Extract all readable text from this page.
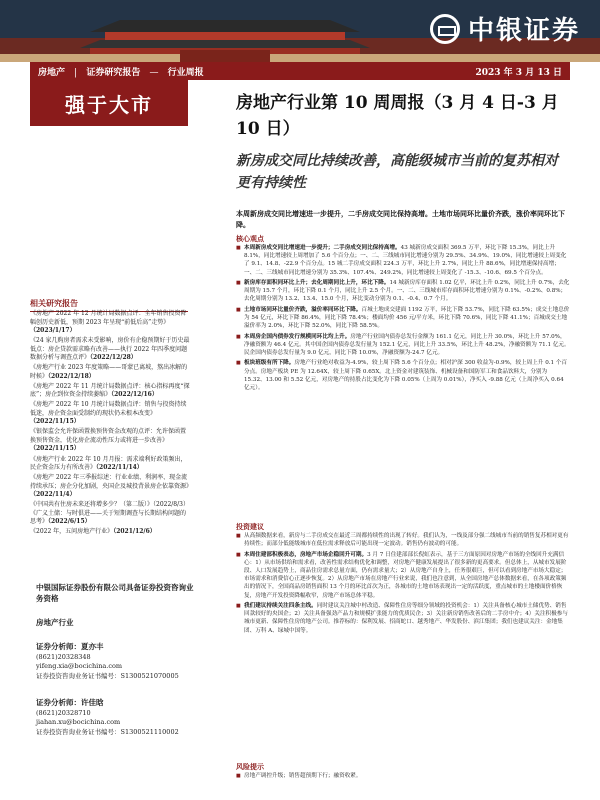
中银证券
房地产 | 证券研究报告 — 行业周报	2023 年 3 月 13 日
强于大市	房地产行业第 10 周周报（3 月 4 日-3 月 10 日）
新房成交同比持续改善，高能级城市当前的复苏相对更有持续性
本周新房成交同比增速进一步提升，二手房成交同比保持高增。土地市场同环比量价齐跌，涨价率同环比下降。
相关研究报告
《房地产 2022 年 12 月统计局数据点评：全年销售投资降幅创历史新低，预期 2023 年呈现“前低后高”走势》（2023/1/17）
《24 家几购房者需求未受影响，房价有企稳预期好于历史最低点：房企贷款需求略有改善——执行 2022 年四季度问题数据分析与调查点评》（2022/12/28）
《房地产行业 2023 年度策略——哥蒙已离坡，熬出冰解的时候》（2022/12/18）
《房地产 2022 年 11 月统计局数据点评：核心指标再度“探底”；房企到位资金持续萎缩》（2022/12/16）
《房地产 2022 年 10 月统计局数据点评：销售与投资持续低迷，房企资金面受制约的现状仍未根本改变》（2022/11/15）
《银保监会允许保函置换预售资金改观的点评：允许保函置换预售资金，优化房企流动性压力或将进一步改善》（2022/11/15）
《房地产行业 2022 年 10 月月报：需求端利好政策频出，民企资金压力有所改善》（2022/11/14）
《房地产 2022 年三季报综述：行业业绩、利润率、现金流持续承压；房企分化加剧，央国企及城投背景房企依靠资源》（2022/11/4）
《中国共有住房未来还将增多少？（第二版）》（2022/8/3）《广义土储：与时俱进——关于短期调查与长期结构问题的思考》（2022/6/15）
《2022 年，五问房地产行业》（2021/12/6）
中银国际证券股份有限公司具备证券投资咨询业务资格
房地产行业
证券分析师：夏亦丰
(8621)20328348
yifeng.xia@bocichina.com
证券投资咨询业务证书编号：S1300521070005
证券分析师：许佳晗
(8621)20328710
jiahan.xu@bocichina.com
证券投资咨询业务证书编号：S1300521110002
核心观点
■ 本周新房成交同比增速进一步提升；二手房成交同比保持高增。43 城新房成交面积 369.5 万平，环比下降 15.3%，同比上升 8.1%，同比增速较上周增加了 5.6 个百分点；一、二、三线城市同比增速分别为 29.5%、34.9%、19.0%，同比增速较上周变化了 9.1、14.8、-22.9 个百分点。15 城二手房成交面积 224.3 万平，环比上升 2.7%，同比上升 88.6%，同比增速保持高增；一、二、三线城市同比增速分别为 35.3%、107.4%、249.2%，同比增速较上周变化了 -15.3、-10.6、69.5 个百分点。
■ 新房库存面积同环比上升；去化周期同比上升，环比下降。14 城新房库存面积 1.02 亿平，环比上升 0.2%，同比上升 0.7%，去化周期为 15.7 个月，环比下降 0.1 个月，同比上升 2.5 个月。一、二、三线城市库存面积环比增速分别为 0.1%、-0.2%、0.8%；去化周期分别为 13.2、13.4、15.0 个月，环比变动分别为 0.1、-0.4、0.7 个月。
■ 土地市场同环比量价齐跌，溢价率同环比下降。百城土地成交建面 1192 万平，环比下降 53.7%，同比下降 63.5%；成交土地总价为 54 亿元，环比下降 86.4%，同比下降 78.4%；楼面均价 456 元/平方米，环比下降 70.6%，同比下降 41.1%；百城成交土地溢价率为 2.0%，环比下降 52.0%，同比下降 58.5%。
■ 本周房企国内债券发行规模同环比均上升。房地产行业国内债券总发行金额为 161.1 亿元，同比上升 30.0%，环比上升 57.0%，净融资额为 46.4 亿元。其中国企国内债券总发行量为 152.1 亿元，同比上升 33.5%，环比上升 48.2%，净融资额为 71.1 亿元。民企国内债券总发行量为 9.0 亿元，同比下降 10.0%，净融资额为-24.7 亿元。
■ 板块班级有所下降。房地产行业绝对收益为-4.9%，较上周下降 5.6 个百分点；相对沪深 300 收益为-0.9%，较上周上升 0.1 个百分点。房地产板块 PE 为 12.64X，较上周下降 0.65X。北上资金对建筑装饰、机械设备和国防军工和食品饮料大，分别为 15.32、13.00 和 5.52 亿元，对房地产的持股占比变化为下降 0.05%（上周为 0.01%），净买入 -9.88 亿元（上周净买入 0.64 亿元）。
投资建议
■ 从高频数据来看，新房与二手房成交在最近三周都持续性的出现了转好。我们认为，一线及部分强二线城市当前的销售复苏相对更有持续性；而部分低能级城市在低位需求释放后可能出现一定波动。销售仍有波动的可能。
■ 本周住建部积极表态，房地产市场企稳回升可期。3 月 7 日住建部部长倪虹表示，基于三方面原因对房地产市场的全线回升充满信心：1）从市场供给和需求看，改善性需求结构优化和调整，对房地产健康发展提出了很多新的更高要求。但总体上，从城市发展阶段、人口发展趋势上，商品住房需求总量方面，仍有需求量大；2）从房地产自身上，任务很艰巨，但可以看到房地产市场大稳定；市场需求和消费信心正逐步恢复。2）从房地产市场在房地产行业来说，我们也注意到，从全国房地产总体数据来看，在各项政策频出的情况下，全国商品房销售面积 13 个月的环比首次为正，各城市的土地市场表现出一定的活跃度，重点城市的土地楼面价格恢复，房地产开发投资降幅收窄，房地产市场总体平稳。
■ 我们建议持续关注四条主线。同时建议关注城中村改造、保障性住房等细分领域的投资机会：1）关注具备核心城市土储优势、销售回款较好的央国企；2）关注具备强劲产品力和规模扩张能力的优质民企；3）关注新房销售改善后的二手房中介；4）关注积极参与城市更新、保障性住房的地产公司。推荐标的：保利发展、招商蛇口、越秀地产、华发股份、滨江集团；我们也建议关注：金地集团、万科 A、绿城中国等。
风险提示
■ 房地产调控升级；销售超预期下行；融资收紧。
